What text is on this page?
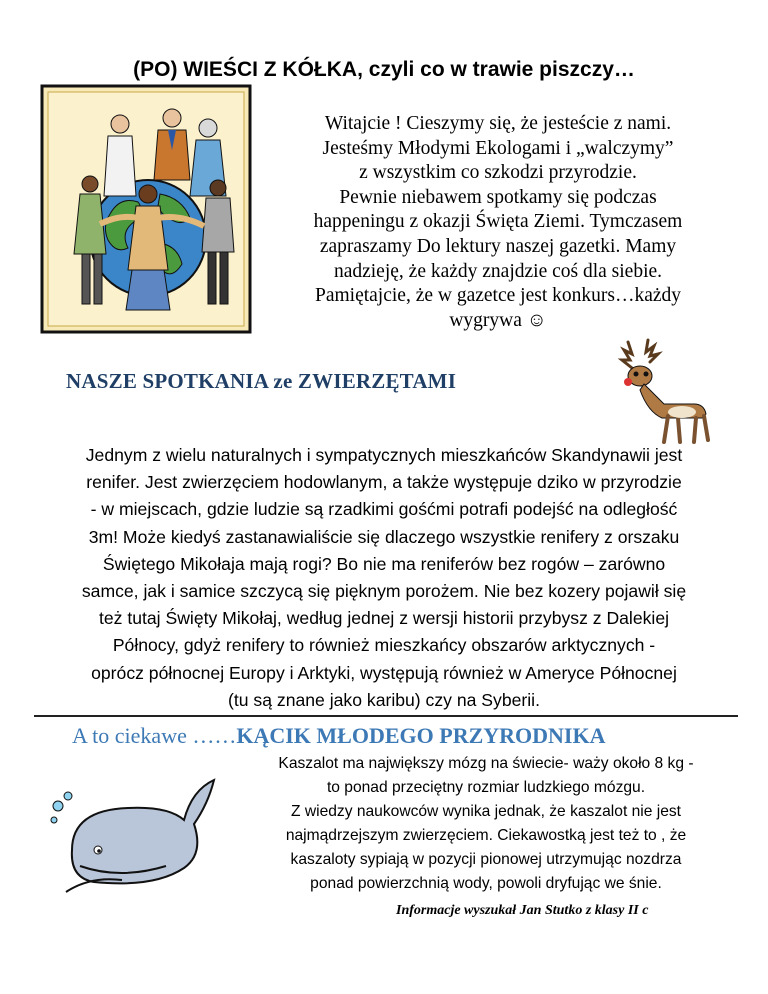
(PO) WIEŚCI Z KÓŁKA, czyli co w trawie piszczy…
Witajcie ! Cieszymy się, że jesteście z nami.
Jesteśmy Młodymi Ekologami i „walczymy”
z wszystkim co szkodzi przyrodzie.
Pewnie niebawem spotkamy się podczas
happeningu z okazji Święta Ziemi. Tymczasem
zapraszamy Do lektury naszej gazetki. Mamy
nadzieję, że każdy znajdzie coś dla siebie.
Pamiętajcie, że w gazetce jest konkurs…każdy
wygrywa ☺
NASZE SPOTKANIA ze ZWIERZĘTAMI
Jednym z wielu naturalnych i sympatycznych mieszkańców Skandynawii jest
renifer. Jest zwierzęciem hodowlanym, a także występuje dziko w przyrodzie
- w miejscach, gdzie ludzie są rzadkimi gośćmi potrafi podejść na odległość
3m! Może kiedyś zastanawialiście się dlaczego wszystkie renifery z orszaku
Świętego Mikołaja mają rogi? Bo nie ma reniferów bez rogów – zarówno
samce, jak i samice szczycą się pięknym porożem. Nie bez kozery pojawił się
też tutaj Święty Mikołaj, według jednej z wersji historii przybysz z Dalekiej
Północy, gdyż renifery to również mieszkańcy obszarów arktycznych -
oprócz północnej Europy i Arktyki, występują również w Ameryce Północnej
(tu są znane jako karibu) czy na Syberii.
A to ciekawe ……KĄCIK MŁODEGO PRZYRODNIKA
Kaszalot ma największy mózg na świecie- waży około 8 kg -
to ponad przeciętny rozmiar ludzkiego mózgu.
Z wiedzy naukowców wynika jednak, że kaszalot nie jest
najmądrzejszym zwierzęciem. Ciekawostką jest też to , że
kaszaloty sypiają w pozycji pionowej utrzymując nozdrza
ponad powierzchnią wody, powoli dryfując we śnie.
Informacje wyszukał Jan Stutko z klasy II c
